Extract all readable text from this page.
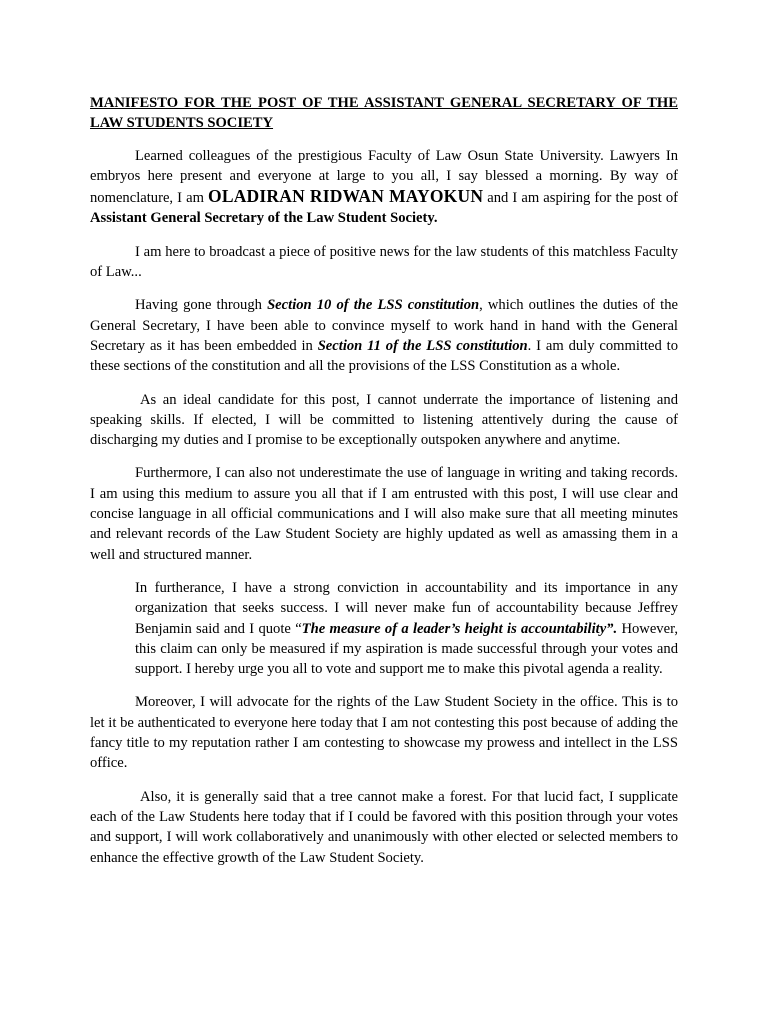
MANIFESTO FOR THE POST OF THE ASSISTANT GENERAL SECRETARY OF THE LAW STUDENTS SOCIETY

Learned colleagues of the prestigious Faculty of Law Osun State University. Lawyers In embryos here present and everyone at large to you all, I say blessed a morning. By way of nomenclature, I am OLADIRAN RIDWAN MAYOKUN and I am aspiring for the post of Assistant General Secretary of the Law Student Society.

I am here to broadcast a piece of positive news for the law students of this matchless Faculty of Law...

Having gone through Section 10 of the LSS constitution, which outlines the duties of the General Secretary, I have been able to convince myself to work hand in hand with the General Secretary as it has been embedded in Section 11 of the LSS constitution. I am duly committed to these sections of the constitution and all the provisions of the LSS Constitution as a whole.

As an ideal candidate for this post, I cannot underrate the importance of listening and speaking skills. If elected, I will be committed to listening attentively during the cause of discharging my duties and I promise to be exceptionally outspoken anywhere and anytime.

Furthermore, I can also not underestimate the use of language in writing and taking records. I am using this medium to assure you all that if I am entrusted with this post, I will use clear and concise language in all official communications and I will also make sure that all meeting minutes and relevant records of the Law Student Society are highly updated as well as amassing them in a well and structured manner.

In furtherance, I have a strong conviction in accountability and its importance in any organization that seeks success. I will never make fun of accountability because Jeffrey Benjamin said and I quote “The measure of a leader’s height is accountability”. However, this claim can only be measured if my aspiration is made successful through your votes and support. I hereby urge you all to vote and support me to make this pivotal agenda a reality.

Moreover, I will advocate for the rights of the Law Student Society in the office. This is to let it be authenticated to everyone here today that I am not contesting this post because of adding the fancy title to my reputation rather I am contesting to showcase my prowess and intellect in the LSS office.

Also, it is generally said that a tree cannot make a forest. For that lucid fact, I supplicate each of the Law Students here today that if I could be favored with this position through your votes and support, I will work collaboratively and unanimously with other elected or selected members to enhance the effective growth of the Law Student Society.
